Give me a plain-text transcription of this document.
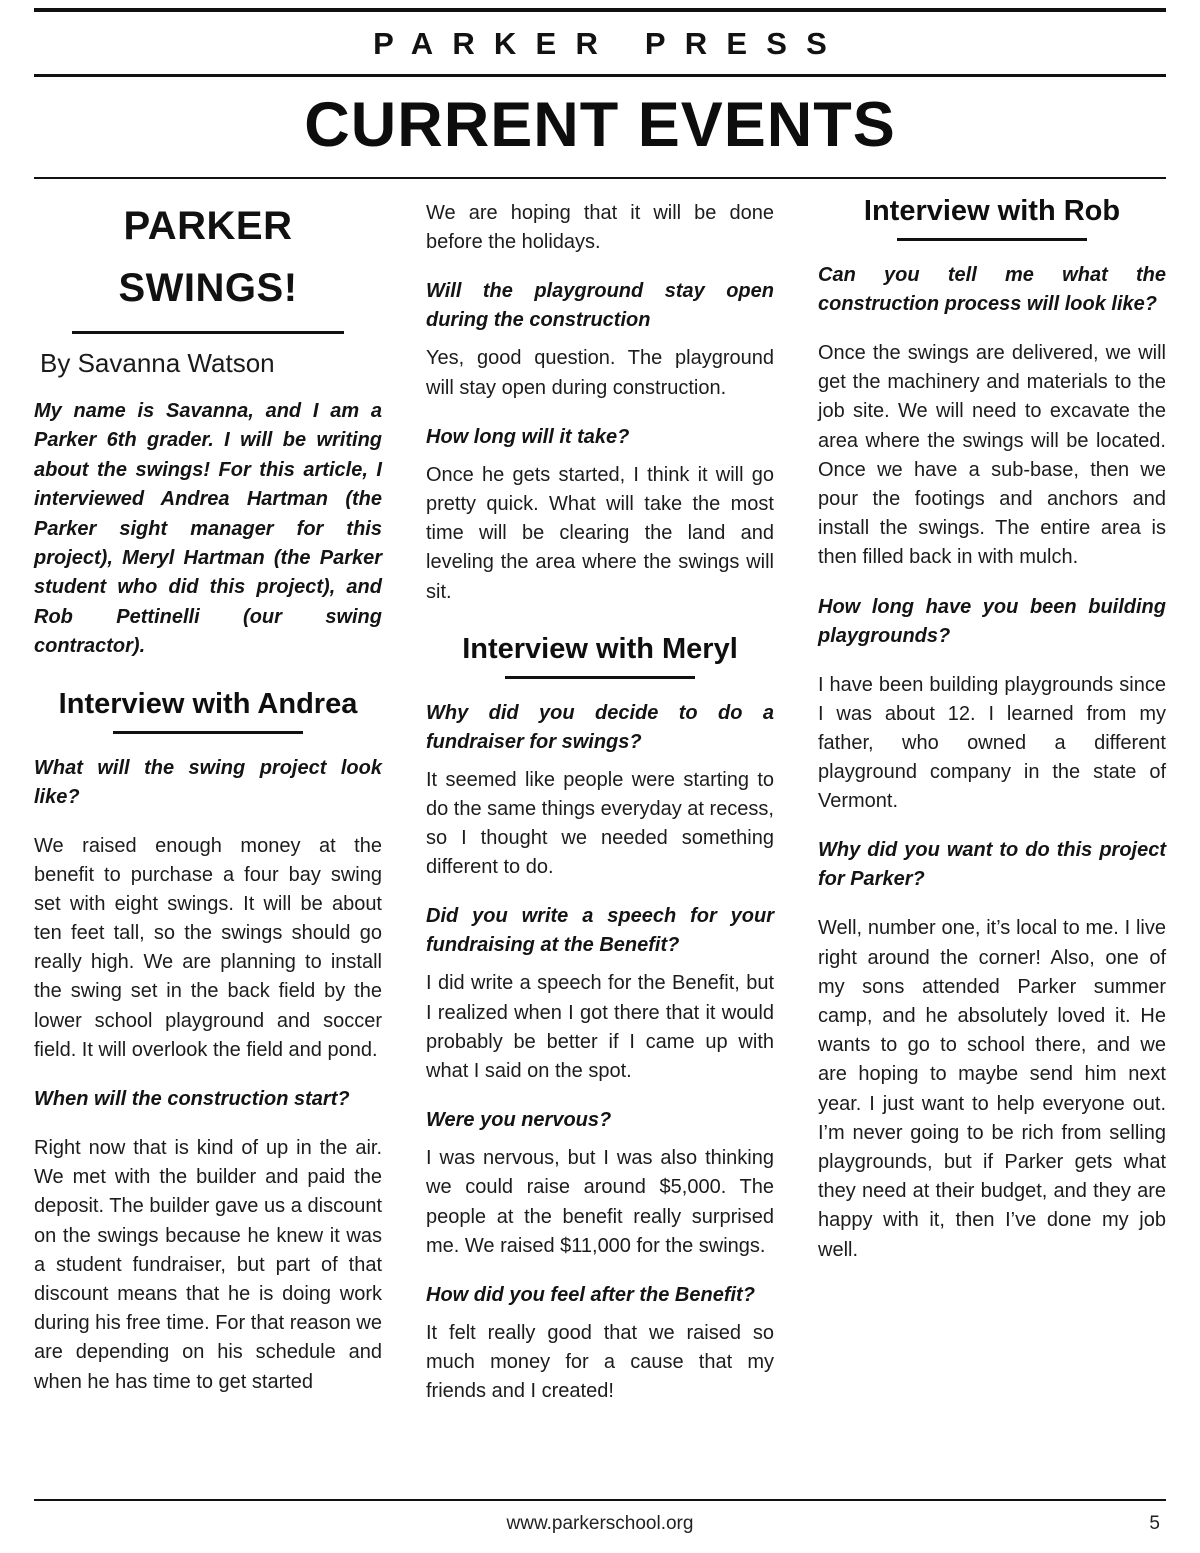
PARKER PRESS
CURRENT EVENTS
PARKER
SWINGS!

By Savanna Watson

My name is Savanna, and I am a Parker 6th grader. I will be writing about the swings! For this article, I interviewed Andrea Hartman (the Parker sight manager for this project), Meryl Hartman (the Parker student who did this project), and Rob Pettinelli (our swing contractor).

Interview with Andrea

What will the swing project look like?

We raised enough money at the benefit to purchase a four bay swing set with eight swings. It will be about ten feet tall, so the swings should go really high. We are planning to install the swing set in the back field by the lower school playground and soccer field. It will overlook the field and pond.

When will the construction start?

Right now that is kind of up in the air. We met with the builder and paid the deposit. The builder gave us a discount on the swings because he knew it was a student fundraiser, but part of that discount means that he is doing work during his free time. For that reason we are depending on his schedule and when he has time to get started

We are hoping that it will be done before the holidays.

Will the playground stay open during the construction

Yes, good question. The playground will stay open during construction.

How long will it take?

Once he gets started, I think it will go pretty quick. What will take the most time will be clearing the land and leveling the area where the swings will sit.

Interview with Meryl

Why did you decide to do a fundraiser for swings?

It seemed like people were starting to do the same things everyday at recess, so I thought we needed something different to do.

Did you write a speech for your fundraising at the Benefit?

I did write a speech for the Benefit, but I realized when I got there that it would probably be better if I came up with what I said on the spot.

Were you nervous?

I was nervous, but I was also thinking we could raise around $5,000. The people at the benefit really surprised me. We raised $11,000 for the swings.

How did you feel after the Benefit?

It felt really good that we raised so much money for a cause that my friends and I created!

Interview with Rob

Can you tell me what the construction process will look like?

Once the swings are delivered, we will get the machinery and materials to the job site. We will need to excavate the area where the swings will be located. Once we have a sub-base, then we pour the footings and anchors and install the swings. The entire area is then filled back in with mulch.

How long have you been building playgrounds?

I have been building playgrounds since I was about 12. I learned from my father, who owned a different playground company in the state of Vermont.

Why did you want to do this project for Parker?

Well, number one, it’s local to me. I live right around the corner! Also, one of my sons attended Parker summer camp, and he absolutely loved it. He wants to go to school there, and we are hoping to maybe send him next year. I just want to help everyone out. I’m never going to be rich from selling playgrounds, but if Parker gets what they need at their budget, and they are happy with it, then I’ve done my job well.

www.parkerschool.org	5
